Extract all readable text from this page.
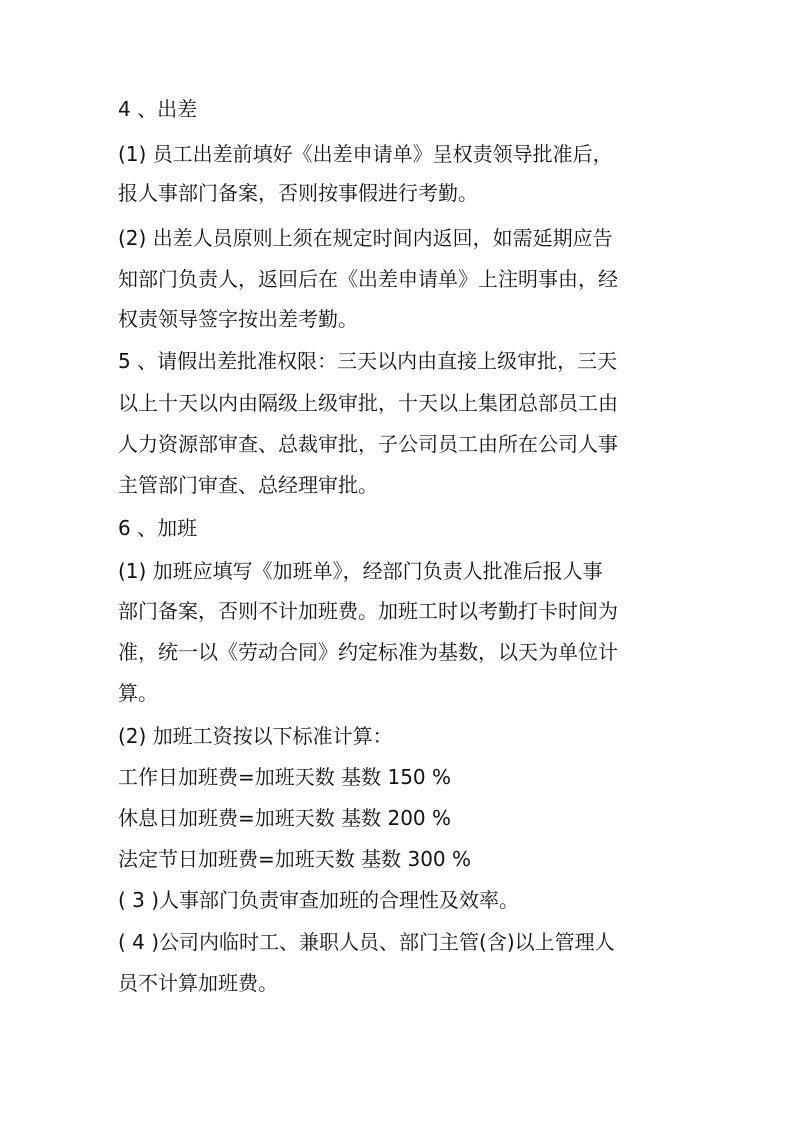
4 、出差
(1) 员工出差前填好《出差申请单》呈权责领导批准后，
报人事部门备案，否则按事假进行考勤。
(2) 出差人员原则上须在规定时间内返回，如需延期应告
知部门负责人，返回后在《出差申请单》上注明事由，经
权责领导签字按出差考勤。
5 、请假出差批准权限：三天以内由直接上级审批，三天
以上十天以内由隔级上级审批，十天以上集团总部员工由
人力资源部审查、总裁审批，子公司员工由所在公司人事
主管部门审查、总经理审批。
6 、加班
(1) 加班应填写《加班单》，经部门负责人批准后报人事
部门备案，否则不计加班费。加班工时以考勤打卡时间为
准，统一以《劳动合同》约定标准为基数，以天为单位计
算。
(2) 加班工资按以下标准计算：
工作日加班费=加班天数 基数 150 %
休息日加班费=加班天数 基数 200 %
法定节日加班费=加班天数 基数 300 %
( 3 )人事部门负责审查加班的合理性及效率。
( 4 )公司内临时工、兼职人员、部门主管(含)以上管理人
员不计算加班费。
